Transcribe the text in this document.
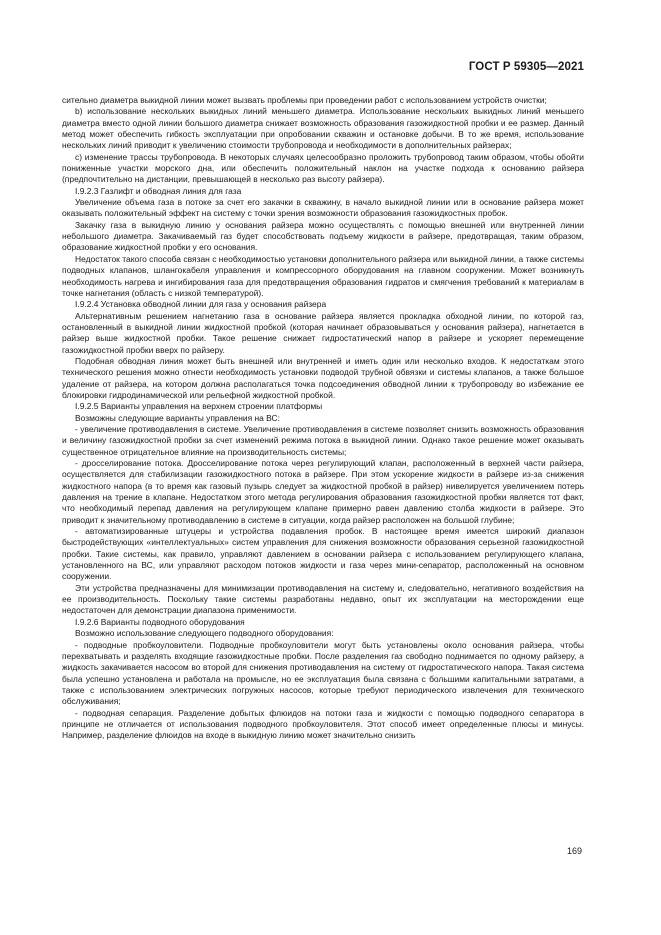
ГОСТ Р 59305—2021

сительно диаметра выкидной линии может вызвать проблемы при проведении работ с использованием устройств очистки;

b) использование нескольких выкидных линий меньшего диаметра. Использование нескольких выкидных линий меньшего диаметра вместо одной линии большого диаметра снижает возможность образования газожидкостной пробки и ее размер. Данный метод может обеспечить гибкость эксплуатации при опробовании скважин и остановке добычи. В то же время, использование нескольких линий приводит к увеличению стоимости трубопровода и необходимости в дополнительных райзерах;

c) изменение трассы трубопровода. В некоторых случаях целесообразно проложить трубопровод таким образом, чтобы обойти пониженные участки морского дна, или обеспечить положительный наклон на участке подхода к основанию райзера (предпочтительно на дистанции, превышающей в несколько раз высоту райзера).

I.9.2.3 Газлифт и обводная линия для газа

Увеличение объема газа в потоке за счет его закачки в скважину, в начало выкидной линии или в основание райзера может оказывать положительный эффект на систему с точки зрения возможности образования газожидкостных пробок.

Закачку газа в выкидную линию у основания райзера можно осуществлять с помощью внешней или внутренней линии небольшого диаметра. Закачиваемый газ будет способствовать подъему жидкости в райзере, предотвращая, таким образом, образование жидкостной пробки у его основания.

Недостаток такого способа связан с необходимостью установки дополнительного райзера или выкидной линии, а также системы подводных клапанов, шлангокабеля управления и компрессорного оборудования на главном сооружении. Может возникнуть необходимость нагрева и ингибирования газа для предотвращения образования гидратов и смягчения требований к материалам в точке нагнетания (область с низкой температурой).

I.9.2.4 Установка обводной линии для газа у основания райзера

Альтернативным решением нагнетанию газа в основание райзера является прокладка обходной линии, по которой газ, остановленный в выкидной линии жидкостной пробкой (которая начинает образовываться у основания райзера), нагнетается в райзер выше жидкостной пробки. Такое решение снижает гидростатический напор в райзере и ускоряет перемещение газожидкостной пробки вверх по райзеру.

Подобная обводная линия может быть внешней или внутренней и иметь один или несколько входов. К недостаткам этого технического решения можно отнести необходимость установки подводой трубной обвязки и системы клапанов, а также большое удаление от райзера, на котором должна располагаться точка подсоединения обводной линии к трубопроводу во избежание ее блокировки гидродинамической или рельефной жидкостной пробкой.

I.9.2.5 Варианты управления на верхнем строении платформы

Возможны следующие варианты управления на ВС:

- увеличение противодавления в системе. Увеличение противодавления в системе позволяет снизить возможность образования и величину газожидкостной пробки за счет изменений режима потока в выкидной линии. Однако такое решение может оказывать существенное отрицательное влияние на производительность системы;

- дросселирование потока. Дросселирование потока через регулирующий клапан, расположенный в верхней части райзера, осуществляется для стабилизации газожидкостного потока в райзере. При этом ускорение жидкости в райзере из-за снижения жидкостного напора (в то время как газовый пузырь следует за жидкостной пробкой в райзер) нивелируется увеличением потерь давления на трение в клапане. Недостатком этого метода регулирования образования газожидкостной пробки является тот факт, что необходимый перепад давления на регулирующем клапане примерно равен давлению столба жидкости в райзере. Это приводит к значительному противодавлению в системе в ситуации, когда райзер расположен на большой глубине;

- автоматизированные штуцеры и устройства подавления пробок. В настоящее время имеется широкий диапазон быстродействующих «интеллектуальных» систем управления для снижения возможности образования серьезной газожидкостной пробки. Такие системы, как правило, управляют давлением в основании райзера с использованием регулирующего клапана, установленного на ВС, или управляют расходом потоков жидкости и газа через мини-сепаратор, расположенный на основном сооружении.

Эти устройства предназначены для минимизации противодавления на систему и, следовательно, негативного воздействия на ее производительность. Поскольку такие системы разработаны недавно, опыт их эксплуатации на месторождении еще недостаточен для демонстрации диапазона применимости.

I.9.2.6 Варианты подводного оборудования

Возможно использование следующего подводного оборудования:

- подводные пробкоуловители. Подводные пробкоуловители могут быть установлены около основания райзера, чтобы перехватывать и разделять входящие газожидкостные пробки. После разделения газ свободно поднимается по одному райзеру, а жидкость закачивается насосом во второй для снижения противодавления на систему от гидростатического напора. Такая система была успешно установлена и работала на промысле, но ее эксплуатация была связана с большими капитальными затратами, а также с использованием электрических погружных насосов, которые требуют периодического извлечения для технического обслуживания;

- подводная сепарация. Разделение добытых флюидов на потоки газа и жидкости с помощью подводного сепаратора в принципе не отличается от использования подводного пробкоуловителя. Этот способ имеет определенные плюсы и минусы. Например, разделение флюидов на входе в выкидную линию может значительно снизить

169
